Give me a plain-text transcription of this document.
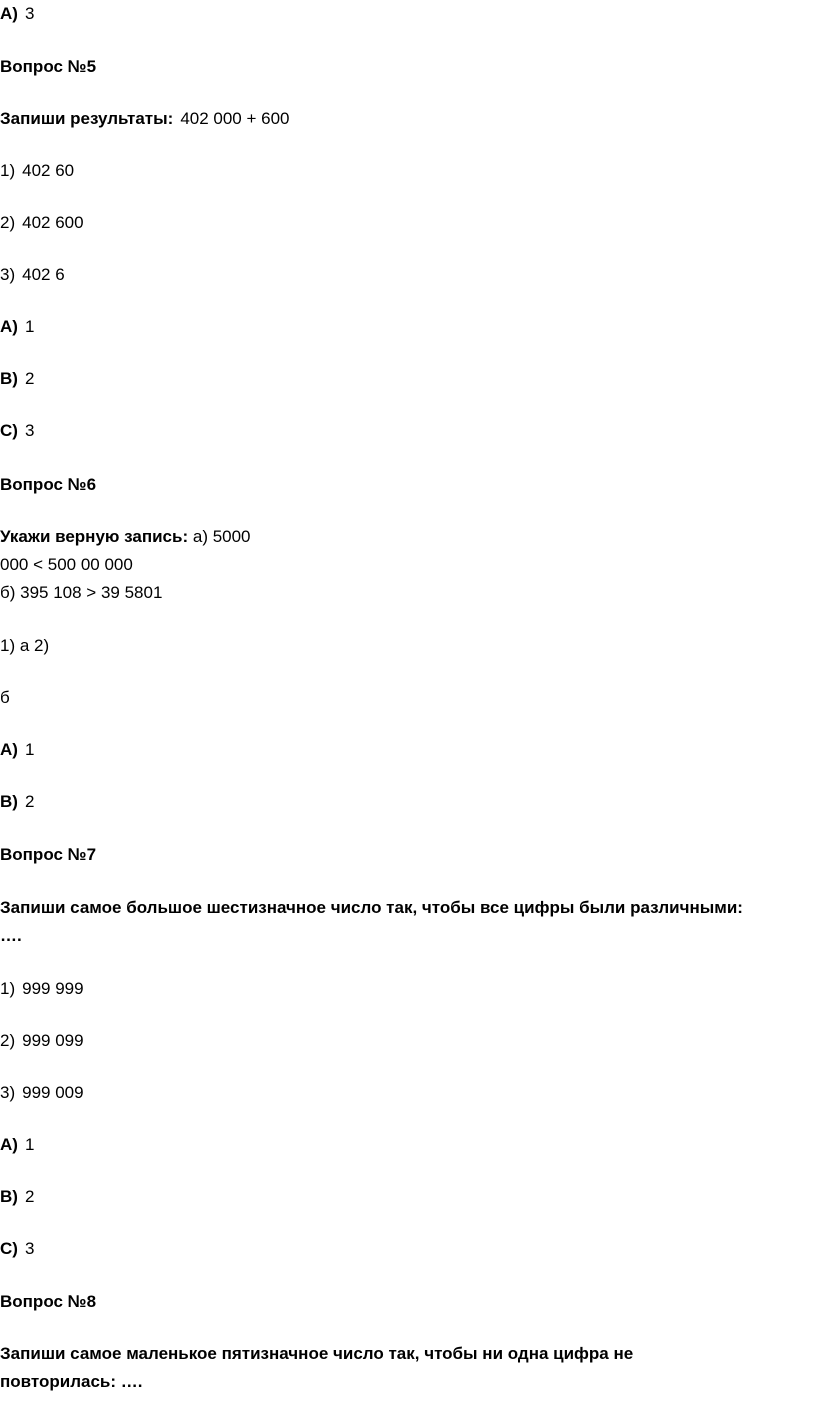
A) 3
Вопрос №5
Запиши результаты: 402 000 + 600
1) 402 60
2) 402 600
3) 402 6
A) 1
B) 2
C) 3
Вопрос №6
Укажи верную запись: а) 5000
000 < 500 00 000
б) 395 108 > 39 5801
1) а 2)
б
A) 1
B) 2
Вопрос №7
Запиши самое большое шестизначное число так, чтобы все цифры были различными:
….
1) 999 999
2) 999 099
3) 999 009
A) 1
B) 2
C) 3
Вопрос №8
Запиши самое маленькое пятизначное число так, чтобы ни одна цифра не
повторилась: ….
